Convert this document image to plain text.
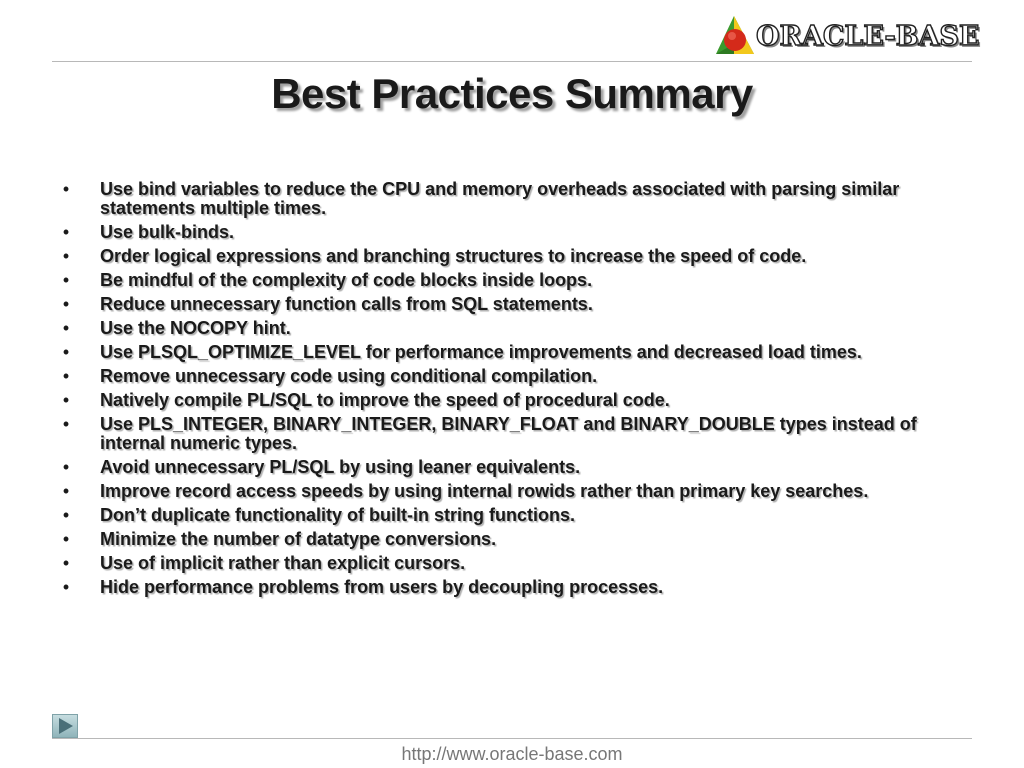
ORACLE-BASE
Best Practices Summary
• Use bind variables to reduce the CPU and memory overheads associated with parsing similar statements multiple times.
• Use bulk-binds.
• Order logical expressions and branching structures to increase the speed of code.
• Be mindful of the complexity of code blocks inside loops.
• Reduce unnecessary function calls from SQL statements.
• Use the NOCOPY hint.
• Use PLSQL_OPTIMIZE_LEVEL for performance improvements and decreased load times.
• Remove unnecessary code using conditional compilation.
• Natively compile PL/SQL to improve the speed of procedural code.
• Use PLS_INTEGER, BINARY_INTEGER, BINARY_FLOAT and BINARY_DOUBLE types instead of internal numeric types.
• Avoid unnecessary PL/SQL by using leaner equivalents.
• Improve record access speeds by using internal rowids rather than primary key searches.
• Don’t duplicate functionality of built-in string functions.
• Minimize the number of datatype conversions.
• Use of implicit rather than explicit cursors.
• Hide performance problems from users by decoupling processes.
http://www.oracle-base.com
